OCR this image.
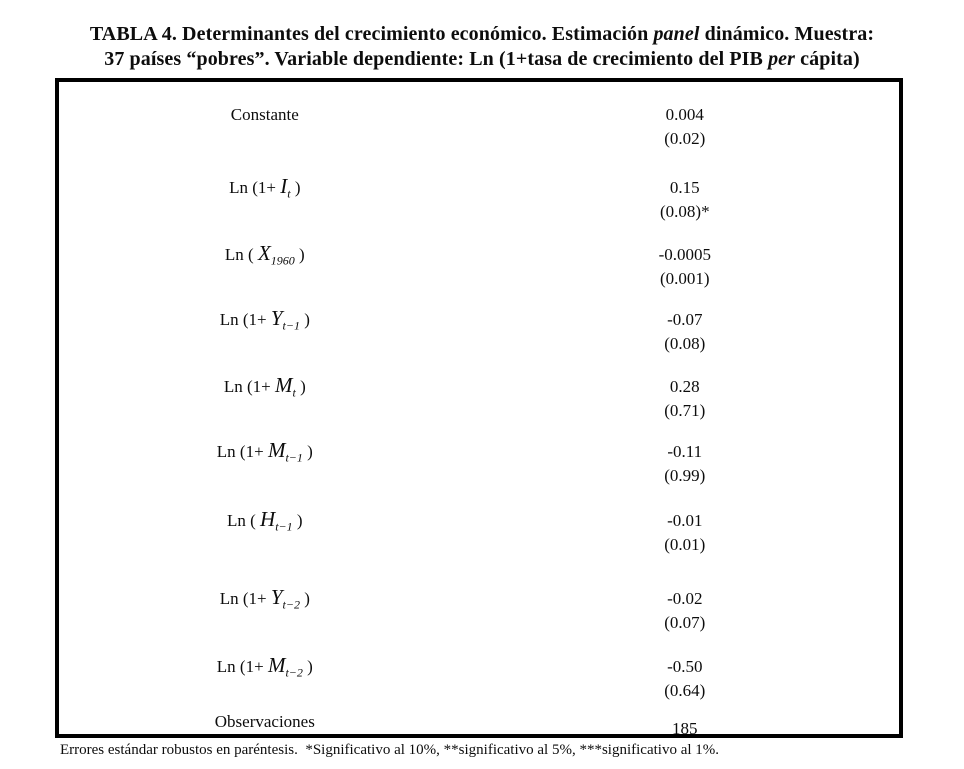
TABLA 4. Determinantes del crecimiento económico. Estimación panel dinámico. Muestra:
37 países “pobres”. Variable dependiente: Ln (1+tasa de crecimiento del PIB per cápita)
Constante	0.004
(0.02)
Ln ($1+ I_t$ )	0.15
(0.08)*
Ln ( $X_{1960}$ )	-0.0005
(0.001)
Ln ($1+ Y_{t-1}$ )	-0.07
(0.08)
Ln ($1+ M_t$ )	0.28
(0.71)
Ln ($1+ M_{t-1}$ )	-0.11
(0.99)
Ln ( $H_{t-1}$ )	-0.01
(0.01)
Ln ($1+ Y_{t-2}$ )	-0.02
(0.07)
Ln ($1+ M_{t-2}$ )	-0.50
(0.64)
Observaciones	185
Errores estándar robustos en paréntesis.  *Significativo al 10%, **significativo al 5%, ***significativo al 1%.
